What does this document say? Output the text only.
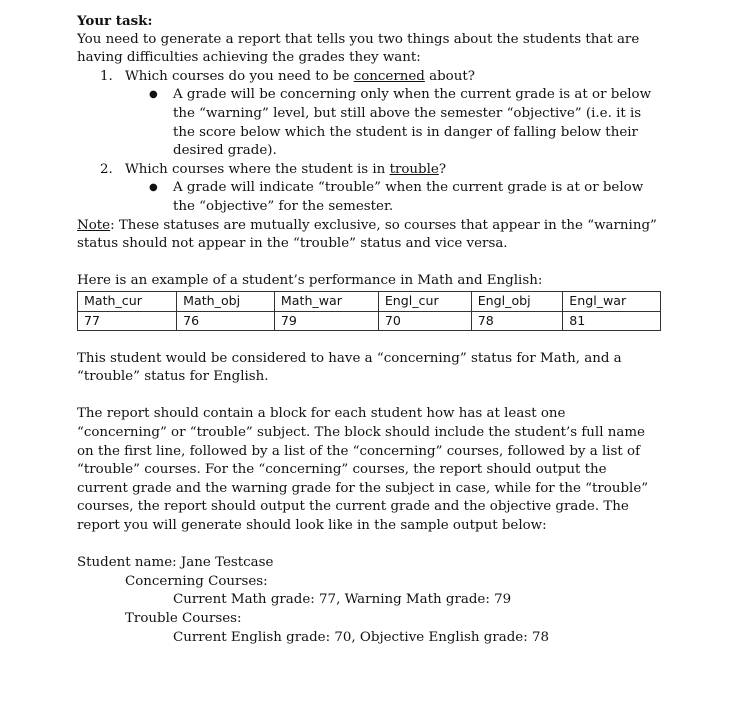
Your task:
You need to generate a report that tells you two things about the students that are
having difficulties achieving the grades they want:
1. Which courses do you need to be concerned about?
●	A grade will be concerning only when the current grade is at or below
the “warning” level, but still above the semester “objective” (i.e. it is
the score below which the student is in danger of falling below their
desired grade).
2. Which courses where the student is in trouble?
●	A grade will indicate “trouble” when the current grade is at or below
the “objective” for the semester.
Note: These statuses are mutually exclusive, so courses that appear in the “warning”
status should not appear in the “trouble” status and vice versa.
Here is an example of a student’s performance in Math and English:
Math_cur	Math_obj	Math_war	Engl_cur	Engl_obj	Engl_war
77	76	79	70	78	81
This student would be considered to have a “concerning” status for Math, and a
“trouble” status for English.
The report should contain a block for each student how has at least one
“concerning” or “trouble” subject. The block should include the student’s full name
on the first line, followed by a list of the “concerning” courses, followed by a list of
“trouble” courses. For the “concerning” courses, the report should output the
current grade and the warning grade for the subject in case, while for the “trouble”
courses, the report should output the current grade and the objective grade. The
report you will generate should look like in the sample output below:
Student name: Jane Testcase
Concerning Courses:
Current Math grade: 77, Warning Math grade: 79
Trouble Courses:
Current English grade: 70, Objective English grade: 78
